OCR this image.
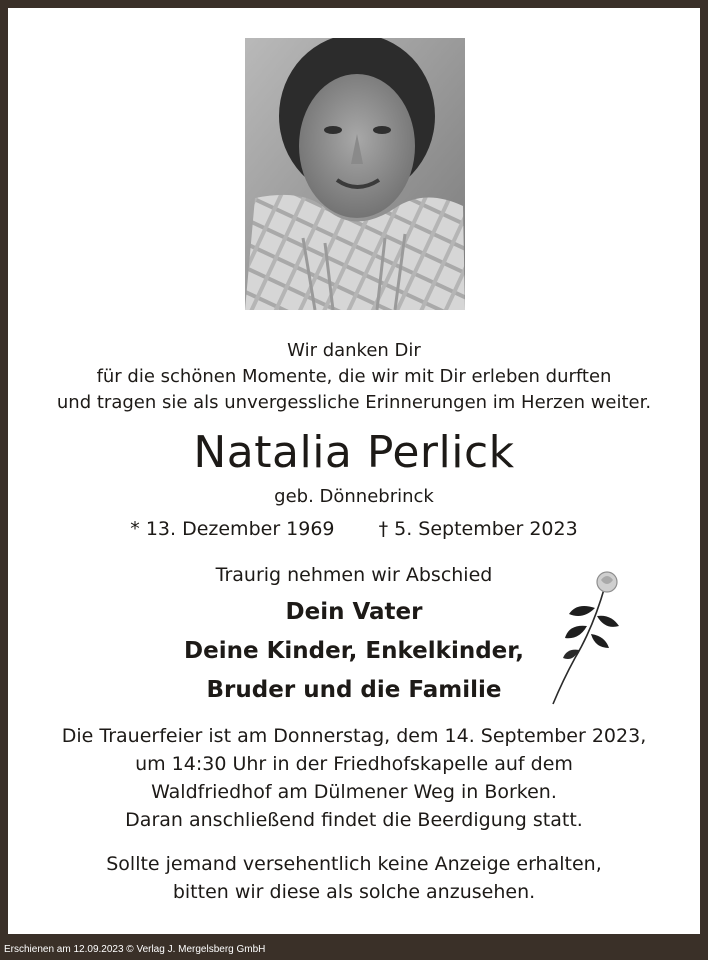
Wir danken Dir
für die schönen Momente, die wir mit Dir erleben durften
und tragen sie als unvergessliche Erinnerungen im Herzen weiter.
Natalia Perlick
geb. Dönnebrinck
* 13. Dezember 1969 † 5. September 2023
Traurig nehmen wir Abschied
Dein Vater
Deine Kinder, Enkelkinder,
Bruder und die Familie
Die Trauerfeier ist am Donnerstag, dem 14. September 2023,
um 14:30 Uhr in der Friedhofskapelle auf dem
Waldfriedhof am Dülmener Weg in Borken.
Daran anschließend findet die Beerdigung statt.
Sollte jemand versehentlich keine Anzeige erhalten,
bitten wir diese als solche anzusehen.
Erschienen am 12.09.2023 © Verlag J. Mergelsberg GmbH
